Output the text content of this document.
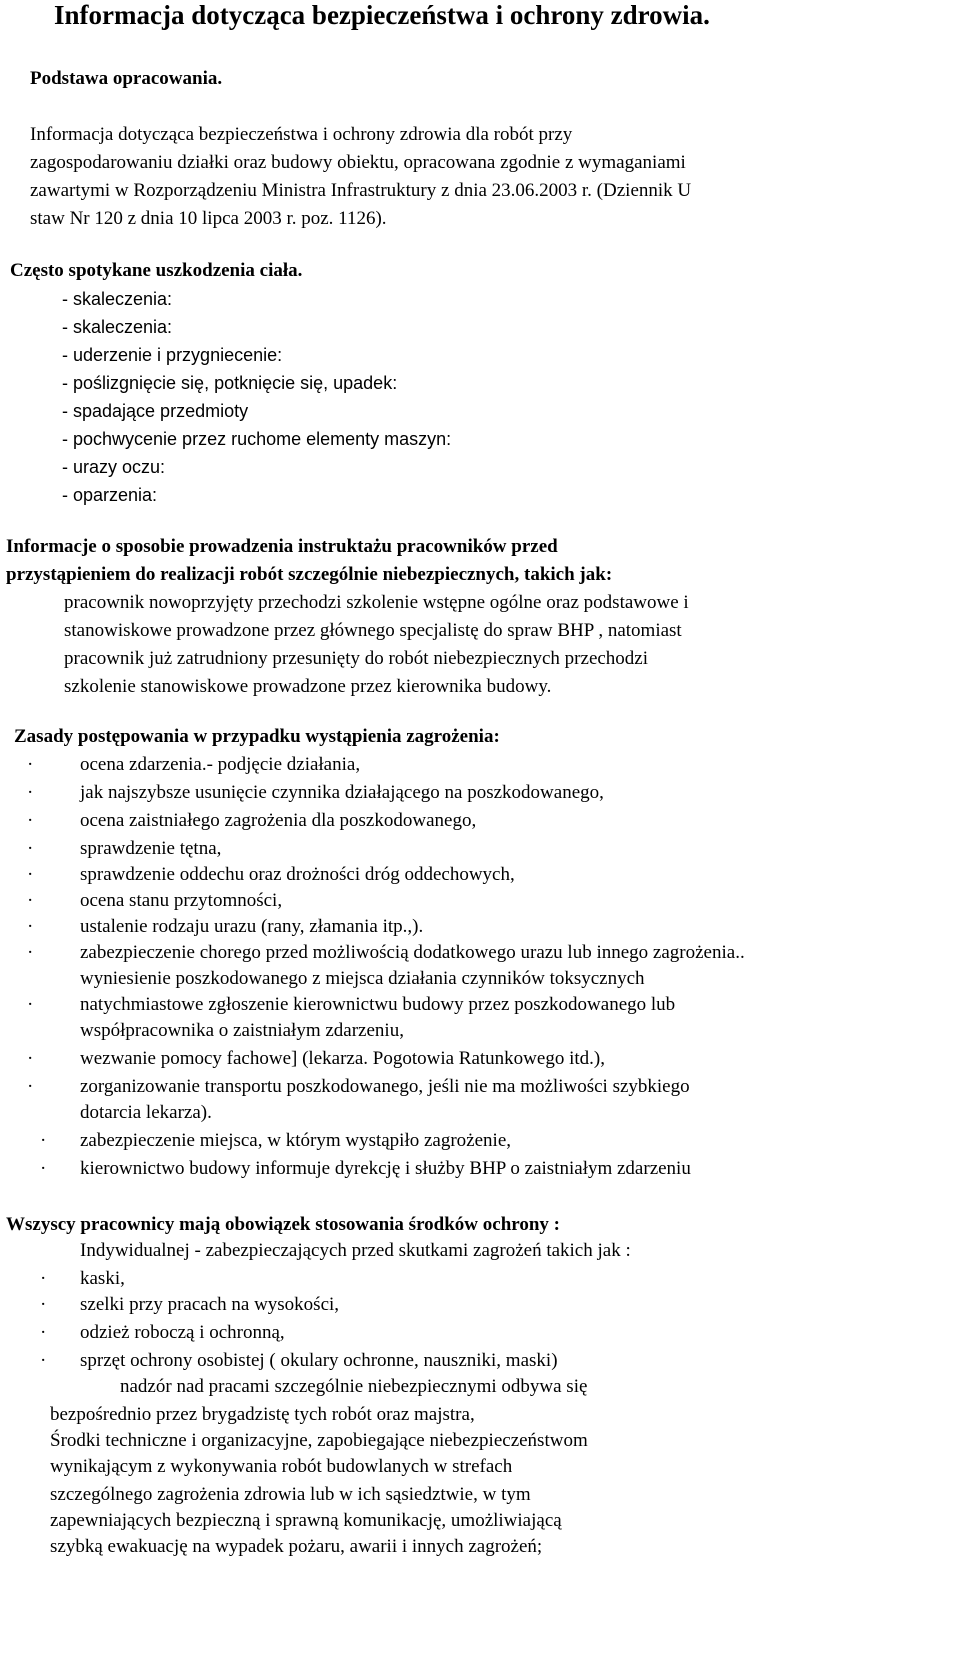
Informacja dotycząca bezpieczeństwa i ochrony zdrowia.
Podstawa opracowania.
Informacja dotycząca bezpieczeństwa i ochrony zdrowia dla robót przy
zagospodarowaniu działki oraz budowy obiektu, opracowana zgodnie z wymaganiami
zawartymi w Rozporządzeniu Ministra Infrastruktury z dnia 23.06.2003 r. (Dziennik U
staw Nr 120 z dnia 10 lipca 2003 r. poz. 1126).
Często spotykane uszkodzenia ciała.
- skaleczenia:
- skaleczenia:
- uderzenie i przygniecenie:
- poślizgnięcie się, potknięcie się, upadek:
- spadające przedmioty
- pochwycenie przez ruchome elementy maszyn:
- urazy oczu:
- oparzenia:
Informacje o sposobie prowadzenia instruktażu pracowników przed
przystąpieniem do realizacji robót szczególnie niebezpiecznych, takich jak:
pracownik nowoprzyjęty przechodzi szkolenie wstępne ogólne oraz podstawowe i
stanowiskowe prowadzone przez głównego specjalistę do spraw BHP , natomiast
pracownik już zatrudniony przesunięty do robót niebezpiecznych przechodzi
szkolenie stanowiskowe prowadzone przez kierownika budowy.
Zasady postępowania w przypadku wystąpienia zagrożenia:
· ocena zdarzenia.- podjęcie działania,
· jak najszybsze usunięcie czynnika działającego na poszkodowanego,
· ocena zaistniałego zagrożenia dla poszkodowanego,
· sprawdzenie tętna,
· sprawdzenie oddechu oraz drożności dróg oddechowych,
· ocena stanu przytomności,
· ustalenie rodzaju urazu (rany, złamania itp.,).
· zabezpieczenie chorego przed możliwością dodatkowego urazu lub innego zagrożenia..
wyniesienie poszkodowanego z miejsca działania czynników toksycznych
· natychmiastowe zgłoszenie kierownictwu budowy przez poszkodowanego lub
współpracownika o zaistniałym zdarzeniu,
· wezwanie pomocy fachowe] (lekarza. Pogotowia Ratunkowego itd.),
· zorganizowanie transportu poszkodowanego, jeśli nie ma możliwości szybkiego
dotarcia lekarza).
· zabezpieczenie miejsca, w którym wystąpiło zagrożenie,
· kierownictwo budowy informuje dyrekcję i służby BHP o zaistniałym zdarzeniu
Wszyscy pracownicy mają obowiązek stosowania środków ochrony :
Indywidualnej - zabezpieczających przed skutkami zagrożeń takich jak :
· kaski,
· szelki przy pracach na wysokości,
· odzież roboczą i ochronną,
· sprzęt ochrony osobistej ( okulary ochronne, nauszniki, maski)
nadzór nad pracami szczególnie niebezpiecznymi odbywa się
bezpośrednio przez brygadzistę tych robót oraz majstra,
Środki techniczne i organizacyjne, zapobiegające niebezpieczeństwom
wynikającym z wykonywania robót budowlanych w strefach
szczególnego zagrożenia zdrowia lub w ich sąsiedztwie, w tym
zapewniających bezpieczną i sprawną komunikację, umożliwiającą
szybką ewakuację na wypadek pożaru, awarii i innych zagrożeń;
